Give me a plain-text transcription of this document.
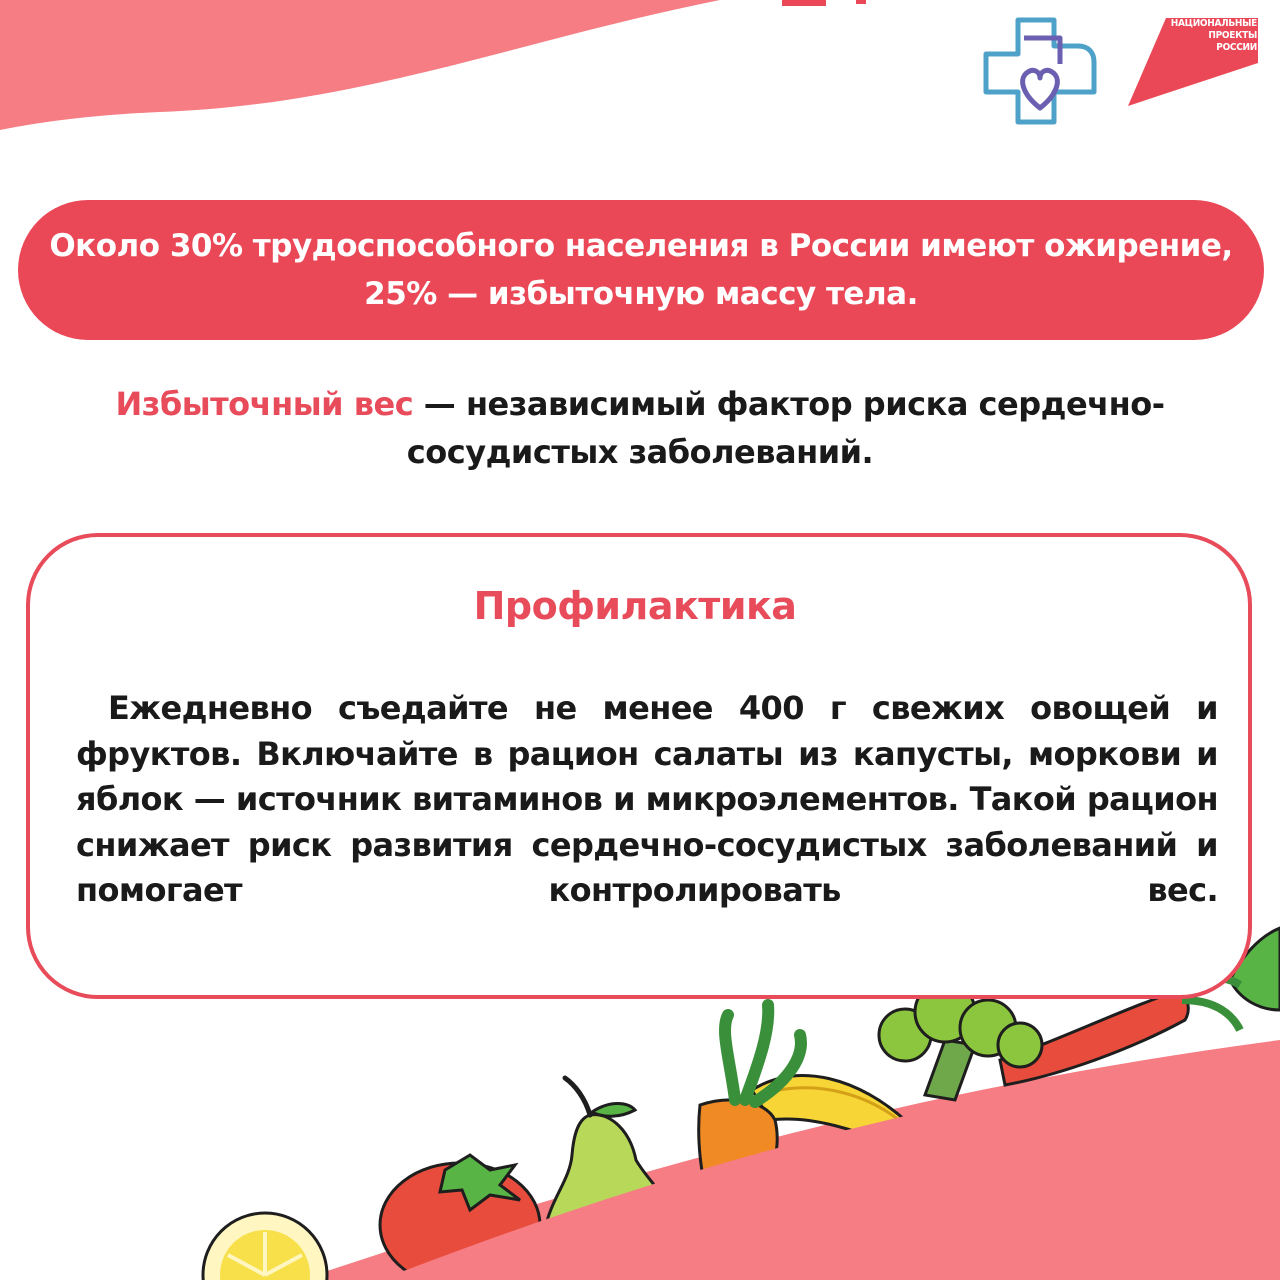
НАЦИОНАЛЬНЫЕ
ПРОЕКТЫ
РОССИИ
Около 30% трудоспособного населения в России имеют ожирение,
25% — избыточную массу тела.
Избыточный вес — независимый фактор риска сердечно-сосудистых заболеваний.
Профилактика
Ежедневно съедайте не менее 400 г свежих овощей и фруктов. Включайте в рацион салаты из капусты, моркови и яблок — источник витаминов и микроэлементов. Такой рацион снижает риск развития сердечно-сосудистых заболеваний и помогает контролировать вес.
